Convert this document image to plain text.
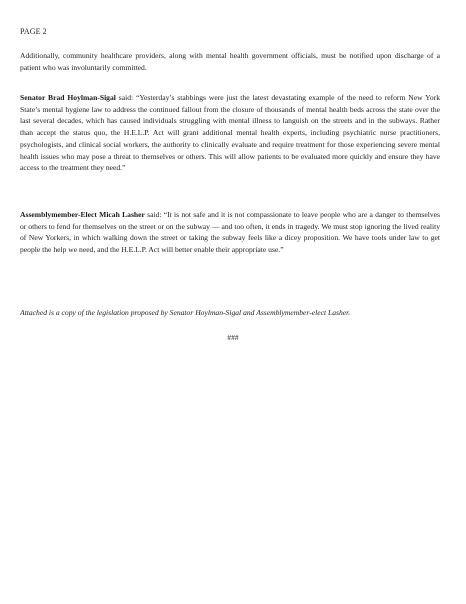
PAGE 2

Additionally, community healthcare providers, along with mental health government officials, must be notified upon discharge of a patient who was involuntarily committed.

Senator Brad Hoylman-Sigal said: “Yesterday’s stabbings were just the latest devastating example of the need to reform New York State’s mental hygiene law to address the continued fallout from the closure of thousands of mental health beds across the state over the last several decades, which has caused individuals struggling with mental illness to languish on the streets and in the subways. Rather than accept the status quo, the H.E.L.P. Act will grant additional mental health experts, including psychiatric nurse practitioners, psychologists, and clinical social workers, the authority to clinically evaluate and require treatment for those experiencing severe mental health issues who may pose a threat to themselves or others. This will allow patients to be evaluated more quickly and ensure they have access to the treatment they need.”

Assemblymember-Elect Micah Lasher said: “It is not safe and it is not compassionate to leave people who are a danger to themselves or others to fend for themselves on the street or on the subway — and too often, it ends in tragedy. We must stop ignoring the lived reality of New Yorkers, in which walking down the street or taking the subway feels like a dicey proposition. We have tools under law to get people the help we need, and the H.E.L.P. Act will better enable their appropriate use.”

Attached is a copy of the legislation proposed by Senator Hoylman-Sigal and Assemblymember-elect Lasher.

###
